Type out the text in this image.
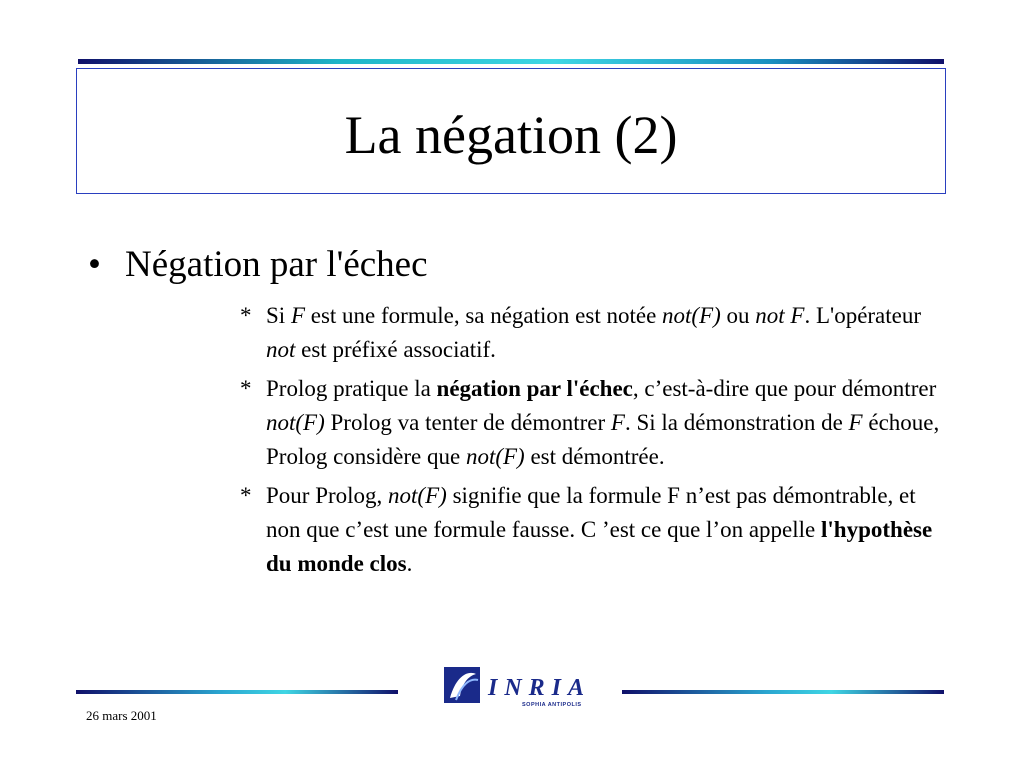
La négation (2)
• Négation par l'échec
* Si F est une formule, sa négation est notée not(F) ou not F. L'opérateur not est préfixé associatif.
* Prolog pratique la négation par l'échec, c’est-à-dire que pour démontrer not(F) Prolog va tenter de démontrer F. Si la démonstration de F échoue, Prolog considère que not(F) est démontrée.
* Pour Prolog, not(F) signifie que la formule F n’est pas démontrable, et non que c’est une formule fausse. C ’est ce que l’on appelle l'hypothèse du monde clos.
INRIA
SOPHIA ANTIPOLIS
26 mars 2001
